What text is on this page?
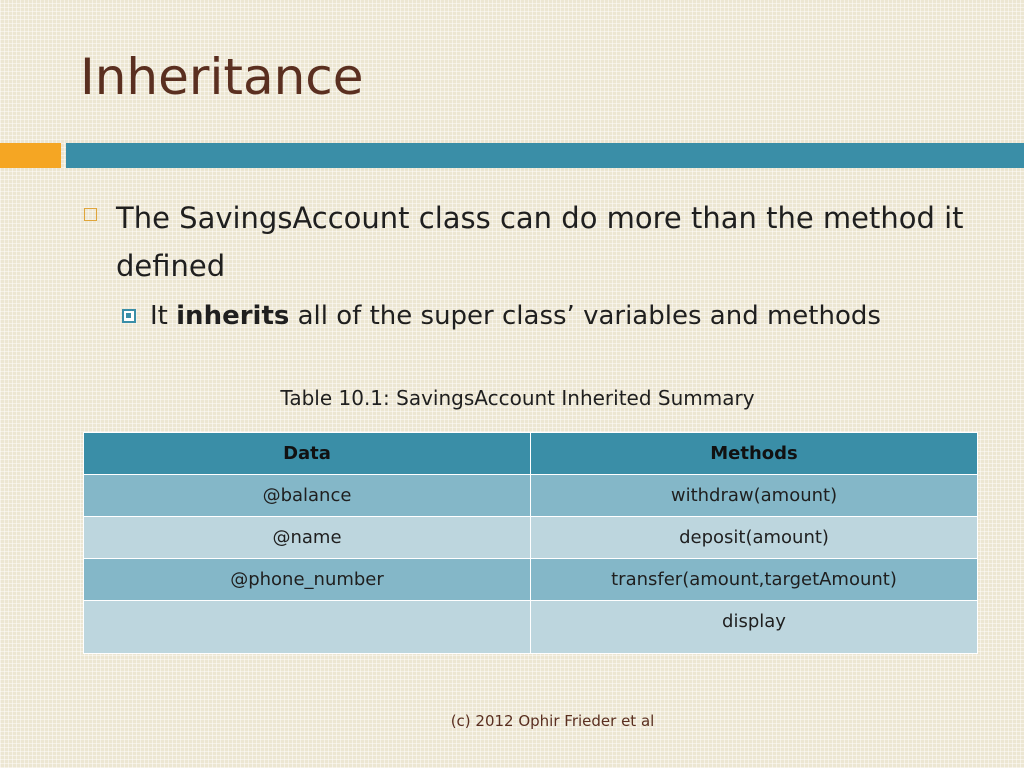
Inheritance
The SavingsAccount class can do more than the method it defined
It inherits all of the super class’ variables and methods
Table 10.1: SavingsAccount Inherited Summary
Data	Methods
@balance	withdraw(amount)
@name	deposit(amount)
@phone_number	transfer(amount,targetAmount)
	display
(c) 2012 Ophir Frieder et al
